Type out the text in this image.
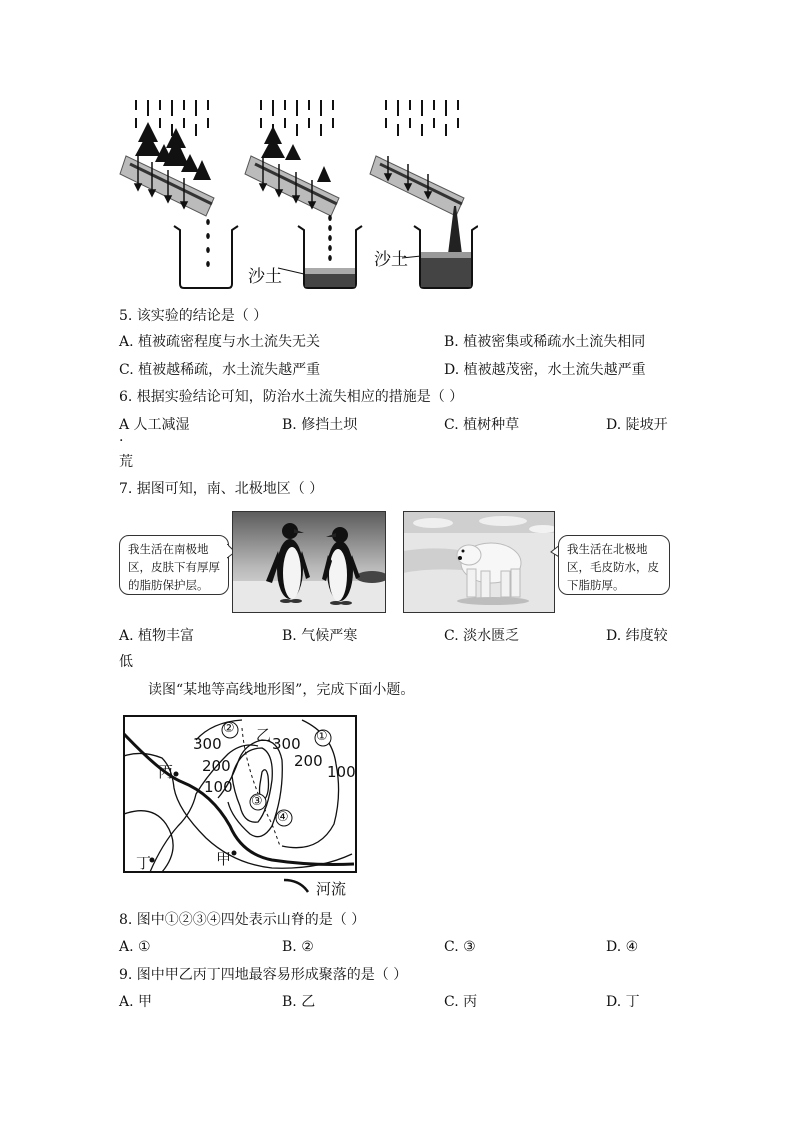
沙土
沙土
5. 该实验的结论是（ ）
A. 植被疏密程度与水土流失无关	B. 植被密集或稀疏水土流失相同
C. 植被越稀疏，水土流失越严重	D. 植被越茂密，水土流失越严重
6. 根据实验结论可知，防治水土流失相应的措施是（ ）
A 人工减湿
.
B. 修挡土坝	C. 植树种草	D. 陡坡开
荒
7. 据图可知，南、北极地区（ ）
我生活在南极地
区，皮肤下有厚厚
的脂肪保护层。
我生活在北极地
区，毛皮防水，皮
下脂肪厚。
A. 植物丰富	B. 气候严寒	C. 淡水匮乏	D. 纬度较
低
读图“某地等高线地形图”，完成下面小题。
300	300
200	200
100
100
①
②
③
④
乙
丙
甲
丁
河流
8. 图中①②③④四处表示山脊的是（ ）
A. ①	B. ②	C. ③	D. ④
9. 图中甲乙丙丁四地最容易形成聚落的是（ ）
A. 甲	B. 乙	C. 丙	D. 丁
